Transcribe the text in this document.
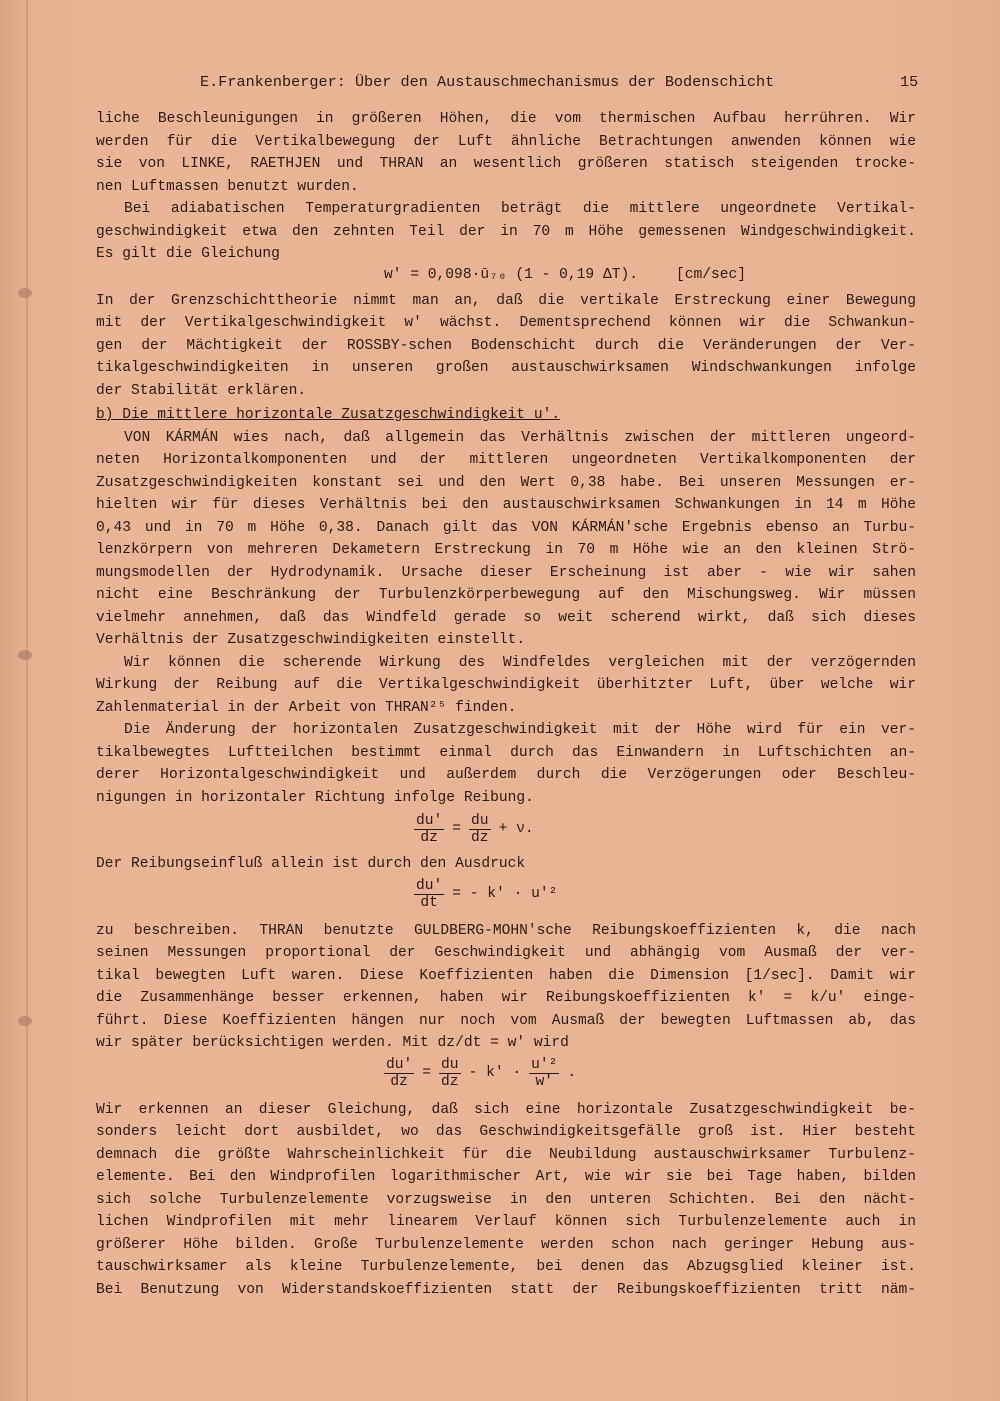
E.Frankenberger: Über den Austauschmechanismus der Bodenschicht	15
liche Beschleunigungen in größeren Höhen, die vom thermischen Aufbau herrühren. Wir
werden für die Vertikalbewegung der Luft ähnliche Betrachtungen anwenden können wie
sie von LINKE, RAETHJEN und THRAN an wesentlich größeren statisch steigenden trocke-
nen Luftmassen benutzt wurden.
Bei adiabatischen Temperaturgradienten beträgt die mittlere ungeordnete Vertikal-
geschwindigkeit etwa den zehnten Teil der in 70 m Höhe gemessenen Windgeschwindigkeit.
Es gilt die Gleichung
w' = 0,098·ū₇₀ (1 - 0,19 ΔT).	[cm/sec]
In der Grenzschichttheorie nimmt man an, daß die vertikale Erstreckung einer Bewegung
mit der Vertikalgeschwindigkeit w' wächst. Dementsprechend können wir die Schwankun-
gen der Mächtigkeit der ROSSBY-schen Bodenschicht durch die Veränderungen der Ver-
tikalgeschwindigkeiten in unseren großen austauschwirksamen Windschwankungen infolge
der Stabilität erklären.
b) Die mittlere horizontale Zusatzgeschwindigkeit u'.
VON KÁRMÁN wies nach, daß allgemein das Verhältnis zwischen der mittleren ungeord-
neten Horizontalkomponenten und der mittleren ungeordneten Vertikalkomponenten der
Zusatzgeschwindigkeiten konstant sei und den Wert 0,38 habe. Bei unseren Messungen er-
hielten wir für dieses Verhältnis bei den austauschwirksamen Schwankungen in 14 m Höhe
0,43 und in 70 m Höhe 0,38. Danach gilt das VON KÁRMÁN'sche Ergebnis ebenso an Turbu-
lenzkörpern von mehreren Dekametern Erstreckung in 70 m Höhe wie an den kleinen Strö-
mungsmodellen der Hydrodynamik. Ursache dieser Erscheinung ist aber - wie wir sahen
nicht eine Beschränkung der Turbulenzkörperbewegung auf den Mischungsweg. Wir müssen
vielmehr annehmen, daß das Windfeld gerade so weit scherend wirkt, daß sich dieses
Verhältnis der Zusatzgeschwindigkeiten einstellt.
Wir können die scherende Wirkung des Windfeldes vergleichen mit der verzögernden
Wirkung der Reibung auf die Vertikalgeschwindigkeit überhitzter Luft, über welche wir
Zahlenmaterial in der Arbeit von THRAN²⁵ finden.
Die Änderung der horizontalen Zusatzgeschwindigkeit mit der Höhe wird für ein ver-
tikalbewegtes Luftteilchen bestimmt einmal durch das Einwandern in Luftschichten an-
derer Horizontalgeschwindigkeit und außerdem durch die Verzögerungen oder Beschleu-
nigungen in horizontaler Richtung infolge Reibung.
$\frac{du'}{dz} = \frac{du}{dz} + \nu$.
Der Reibungseinfluß allein ist durch den Ausdruck
$\frac{du'}{dt}$ = - k' · u'²
zu beschreiben. THRAN benutzte GULDBERG-MOHN'sche Reibungskoeffizienten k, die nach
seinen Messungen proportional der Geschwindigkeit und abhängig vom Ausmaß der ver-
tikal bewegten Luft waren. Diese Koeffizienten haben die Dimension [1/sec]. Damit wir
die Zusammenhänge besser erkennen, haben wir Reibungskoeffizienten k' = k/u' einge-
führt. Diese Koeffizienten hängen nur noch vom Ausmaß der bewegten Luftmassen ab, das
wir später berücksichtigen werden. Mit dz/dt = w' wird
$\frac{du'}{dz} = \frac{du}{dz} - k' \cdot \frac{\text{u'²}}{w'}$ .
Wir erkennen an dieser Gleichung, daß sich eine horizontale Zusatzgeschwindigkeit be-
sonders leicht dort ausbildet, wo das Geschwindigkeitsgefälle groß ist. Hier besteht
demnach die größte Wahrscheinlichkeit für die Neubildung austauschwirksamer Turbulenz-
elemente. Bei den Windprofilen logarithmischer Art, wie wir sie bei Tage haben, bilden
sich solche Turbulenzelemente vorzugsweise in den unteren Schichten. Bei den nächt-
lichen Windprofilen mit mehr linearem Verlauf können sich Turbulenzelemente auch in
größerer Höhe bilden. Große Turbulenzelemente werden schon nach geringer Hebung aus-
tauschwirksamer als kleine Turbulenzelemente, bei denen das Abzugsglied kleiner ist.
Bei Benutzung von Widerstandskoeffizienten statt der Reibungskoeffizienten tritt näm-
